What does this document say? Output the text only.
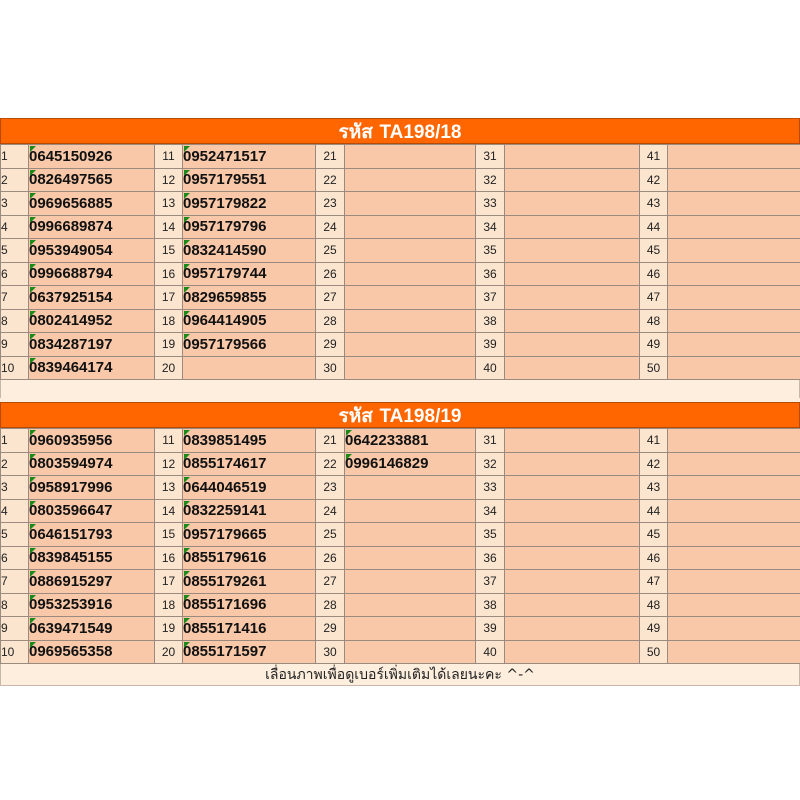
รหัส TA198/18
1	0645150926	11	0952471517	21		31		41	
2	0826497565	12	0957179551	22		32		42	
3	0969656885	13	0957179822	23		33		43	
4	0996689874	14	0957179796	24		34		44	
5	0953949054	15	0832414590	25		35		45	
6	0996688794	16	0957179744	26		36		46	
7	0637925154	17	0829659855	27		37		47	
8	0802414952	18	0964414905	28		38		48	
9	0834287197	19	0957179566	29		39		49	
10	0839464174	20		30		40		50	
รหัส TA198/19
1	0960935956	11	0839851495	21	0642233881	31		41	
2	0803594974	12	0855174617	22	0996146829	32		42	
3	0958917996	13	0644046519	23		33		43	
4	0803596647	14	0832259141	24		34		44	
5	0646151793	15	0957179665	25		35		45	
6	0839845155	16	0855179616	26		36		46	
7	0886915297	17	0855179261	27		37		47	
8	0953253916	18	0855171696	28		38		48	
9	0639471549	19	0855171416	29		39		49	
10	0969565358	20	0855171597	30		40		50	
เลื่อนภาพเพื่อดูเบอร์เพิ่มเติมได้เลยนะคะ ^-^
